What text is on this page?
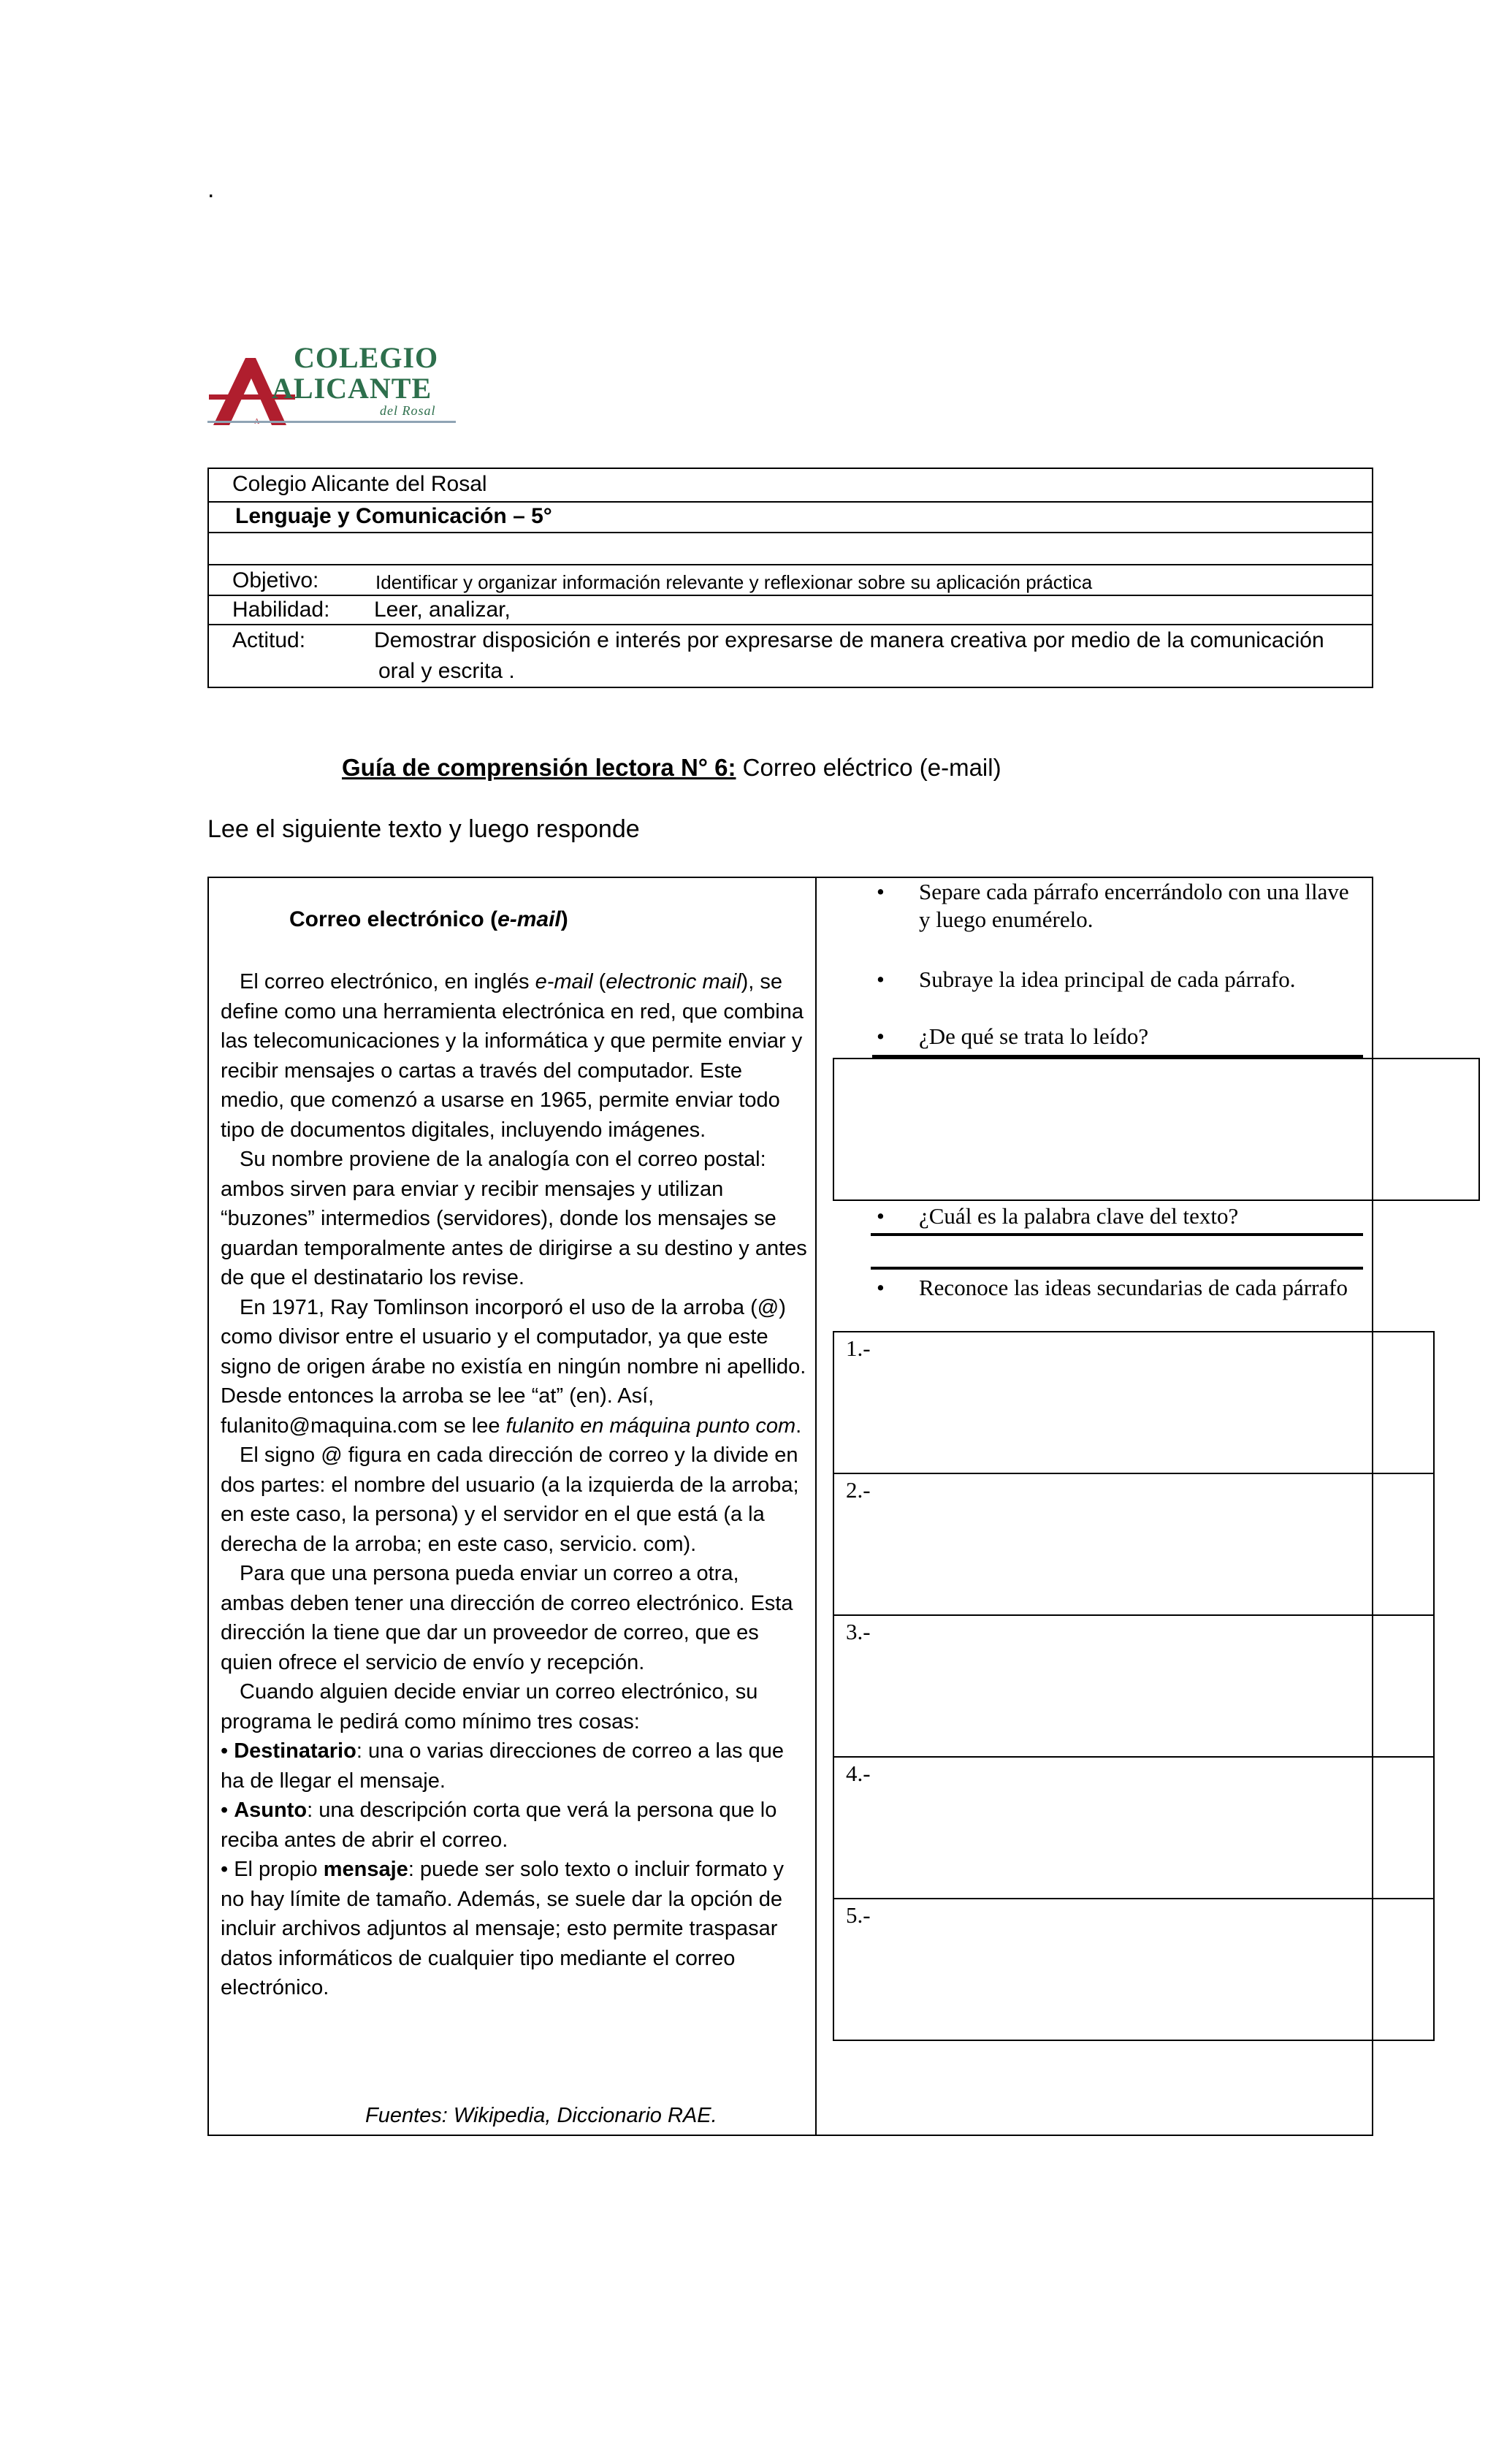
.
COLEGIO
ALICANTE
del Rosal
Colegio Alicante del Rosal
Lenguaje y Comunicación – 5°
Objetivo:	Identificar y organizar información relevante y reflexionar sobre su aplicación práctica
Habilidad: Leer, analizar,
Actitud:	Demostrar disposición e interés por expresarse de manera creativa por medio de la comunicación
oral y escrita .
Guía de comprensión lectora N° 6: Correo eléctrico (e-mail)
Lee el siguiente texto y luego responde
Correo electrónico (e-mail)

El correo electrónico, en inglés e-mail (electronic mail), se define como una herramienta electrónica en red, que combina las telecomunicaciones y la informática y que permite enviar y recibir mensajes o cartas a través del computador. Este medio, que comenzó a usarse en 1965, permite enviar todo tipo de documentos digitales, incluyendo imágenes.

Su nombre proviene de la analogía con el correo postal: ambos sirven para enviar y recibir mensajes y utilizan “buzones” intermedios (servidores), donde los mensajes se guardan temporalmente antes de dirigirse a su destino y antes de que el destinatario los revise.

En 1971, Ray Tomlinson incorporó el uso de la arroba (@) como divisor entre el usuario y el computador, ya que este signo de origen árabe no existía en ningún nombre ni apellido. Desde entonces la arroba se lee “at” (en). Así, fulanito@maquina.com se lee fulanito en máquina punto com.

El signo @ figura en cada dirección de correo y la divide en dos partes: el nombre del usuario (a la izquierda de la arroba; en este caso, la persona) y el servidor en el que está (a la derecha de la arroba; en este caso, servicio. com).

Para que una persona pueda enviar un correo a otra, ambas deben tener una dirección de correo electrónico. Esta dirección la tiene que dar un proveedor de correo, que es quien ofrece el servicio de envío y recepción.

Cuando alguien decide enviar un correo electrónico, su programa le pedirá como mínimo tres cosas:

• Destinatario: una o varias direcciones de correo a las que ha de llegar el mensaje.

• Asunto: una descripción corta que verá la persona que lo reciba antes de abrir el correo.

• El propio mensaje: puede ser solo texto o incluir formato y no hay límite de tamaño. Además, se suele dar la opción de incluir archivos adjuntos al mensaje; esto permite traspasar datos informáticos de cualquier tipo mediante el correo electrónico.

Fuentes: Wikipedia, Diccionario RAE.
• Separe cada párrafo encerrándolo con una llave y luego enumérelo.
• Subraye la idea principal de cada párrafo.
• ¿De qué se trata lo leído?
• ¿Cuál es la palabra clave del texto?
• Reconoce las ideas secundarias de cada párrafo
1.-
2.-
3.-
4.-
5.-
